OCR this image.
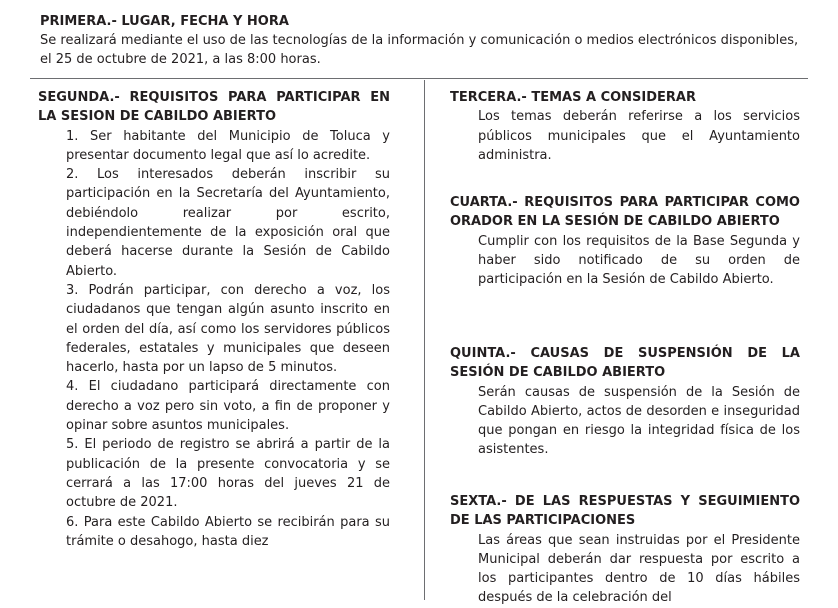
PRIMERA.- LUGAR, FECHA Y HORA
Se realizará mediante el uso de las tecnologías de la información y comunicación o medios electrónicos disponibles, el 25 de octubre de 2021, a las 8:00 horas.
SEGUNDA.- REQUISITOS PARA PARTICIPAR EN LA SESION DE CABILDO ABIERTO

1. Ser habitante del Municipio de Toluca y presentar documento legal que así lo acredite.

2. Los interesados deberán inscribir su participación en la Secretaría del Ayuntamiento, debiéndolo realizar por escrito, independientemente de la exposición oral que deberá hacerse durante la Sesión de Cabildo Abierto.

3. Podrán participar, con derecho a voz, los ciudadanos que tengan algún asunto inscrito en el orden del día, así como los servidores públicos federales, estatales y municipales que deseen hacerlo, hasta por un lapso de 5 minutos.

4. El ciudadano participará directamente con derecho a voz pero sin voto, a fin de proponer y opinar sobre asuntos municipales.

5. El periodo de registro se abrirá a partir de la publicación de la presente convocatoria y se cerrará a las 17:00 horas del jueves 21 de octubre de 2021.

6. Para este Cabildo Abierto se recibirán para su trámite o desahogo, hasta diez

TERCERA.- TEMAS A CONSIDERAR
Los temas deberán referirse a los servicios públicos municipales que el Ayuntamiento administra.
CUARTA.- REQUISITOS PARA PARTICIPAR COMO ORADOR EN LA SESIÓN DE CABILDO ABIERTO
Cumplir con los requisitos de la Base Segunda y haber sido notificado de su orden de participación en la Sesión de Cabildo Abierto.
QUINTA.- CAUSAS DE SUSPENSIÓN DE LA SESIÓN DE CABILDO ABIERTO
Serán causas de suspensión de la Sesión de Cabildo Abierto, actos de desorden e inseguridad que pongan en riesgo la integridad física de los asistentes.
SEXTA.- DE LAS RESPUESTAS Y SEGUIMIENTO DE LAS PARTICIPACIONES
Las áreas que sean instruidas por el Presidente Municipal deberán dar respuesta por escrito a los participantes dentro de 10 días hábiles después de la celebración del
